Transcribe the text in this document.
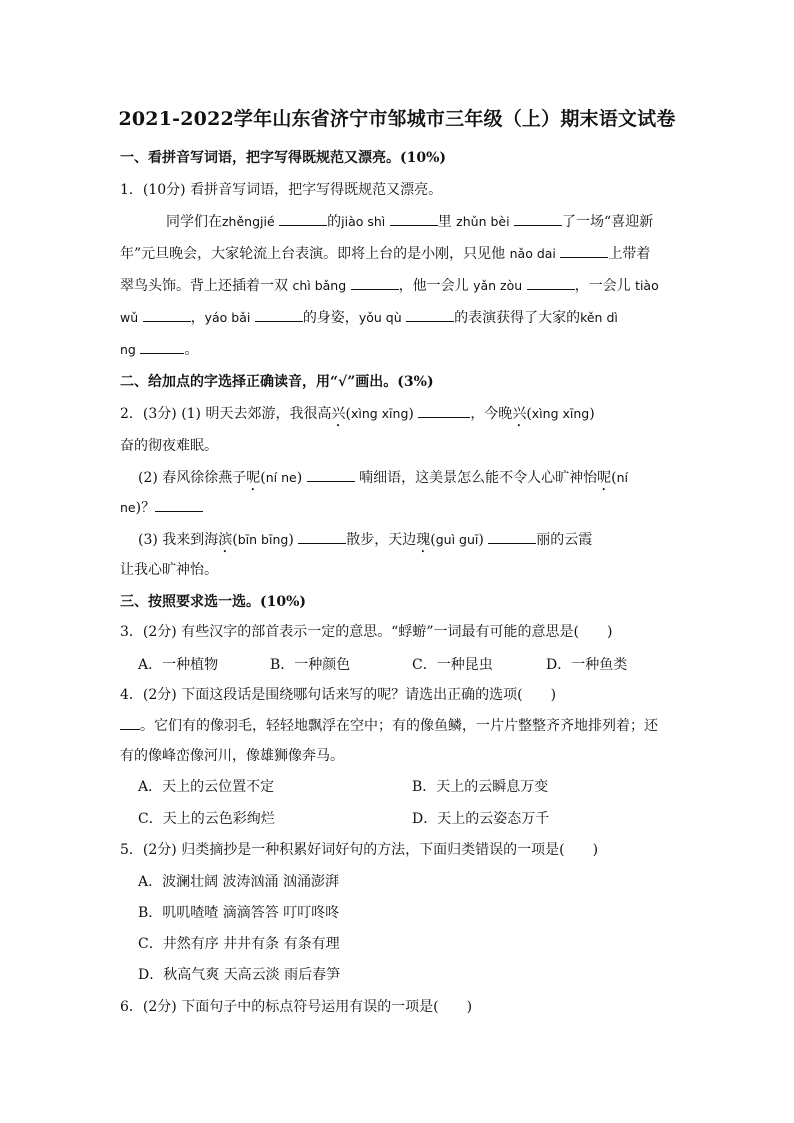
2021-2022学年山东省济宁市邹城市三年级（上）期末语文试卷
一、看拼音写词语，把字写得既规范又漂亮。(10%)
1．(10分) 看拼音写词语，把字写得既规范又漂亮。
同学们在zhěngjié	的jiào shì	里 zhǔn bèi	了一场“喜迎新
年”元旦晚会，大家轮流上台表演。即将上台的是小刚，只见他 nǎo dai	上带着
翠鸟头饰。背上还插着一双 chì bǎng	，他一会儿 yǎn zòu	，一会儿 tiào
wǔ	，yáo bǎi	的身姿，yǒu qù	的表演获得了大家的kěn dì
ng	。
二、给加点的字选择正确读音，用“√”画出。(3%)
2．(3分) (1) 明天去郊游，我很高兴(xìng xīng)	，今晚兴(xìng xīng)
奋的彻夜难眠。
(2) 春风徐徐燕子呢(ní ne)	喃细语，这美景怎么能不令人心旷神怡呢(ní
ne)？
(3) 我来到海滨(bīn bīng)	散步，天边瑰(guì guī)	丽的云霞
让我心旷神怡。
三、按照要求选一选。(10%)
3．(2分) 有些汉字的部首表示一定的意思。“蜉蝣”一词最有可能的意思是(　　)
A．一种植物	B．一种颜色	C．一种昆虫	D．一种鱼类
4．(2分) 下面这段话是围绕哪句话来写的呢？请选出正确的选项(　　)
。它们有的像羽毛，轻轻地飘浮在空中；有的像鱼鳞，一片片整整齐齐地排列着；还
有的像峰峦像河川，像雄狮像奔马。
A．天上的云位置不定	B．天上的云瞬息万变
C．天上的云色彩绚烂	D．天上的云姿态万千
5．(2分) 归类摘抄是一种积累好词好句的方法，下面归类错误的一项是(　　)
A．波澜壮阔 波涛汹涌 汹涌澎湃
B．叽叽喳喳 滴滴答答 叮叮咚咚
C．井然有序 井井有条 有条有理
D．秋高气爽 天高云淡 雨后春笋
6．(2分) 下面句子中的标点符号运用有误的一项是(　　)
